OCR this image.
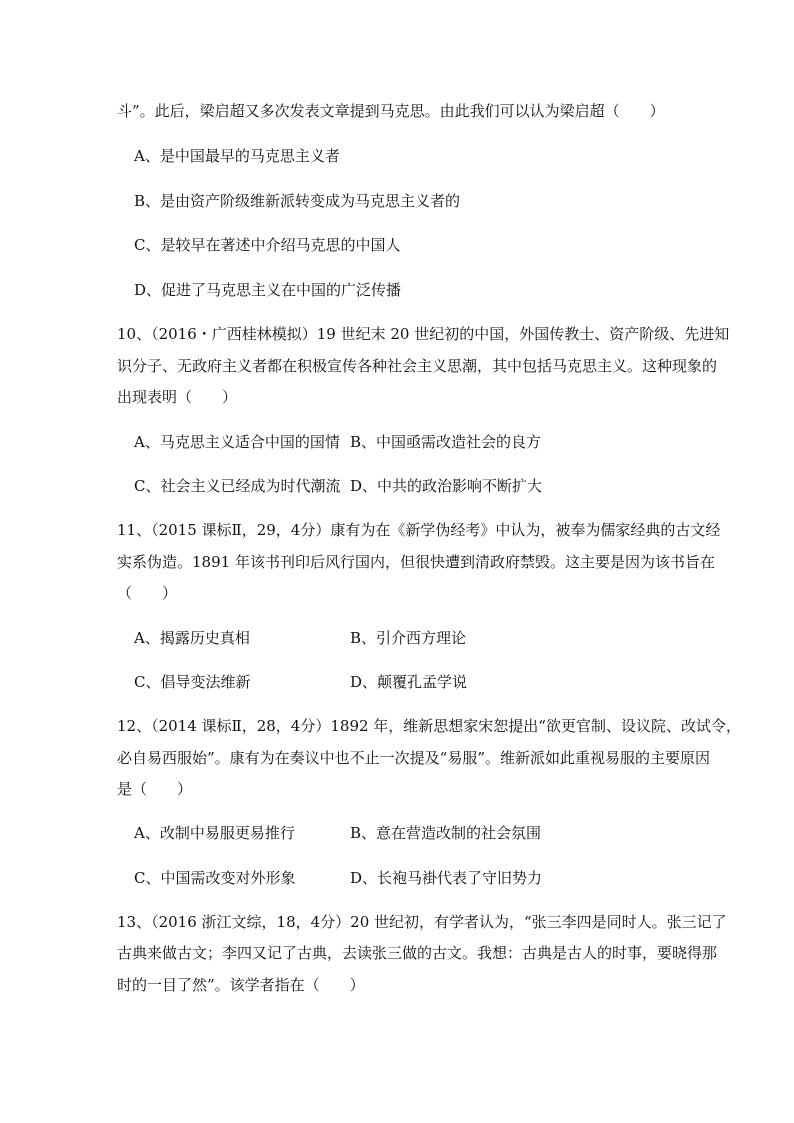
斗”。此后，梁启超又多次发表文章提到马克思。由此我们可以认为梁启超（　　）
A、是中国最早的马克思主义者
B、是由资产阶级维新派转变成为马克思主义者的
C、是较早在著述中介绍马克思的中国人
D、促进了马克思主义在中国的广泛传播
10、（2016・广西桂林模拟）19 世纪末 20 世纪初的中国，外国传教士、资产阶级、先进知
识分子、无政府主义者都在积极宣传各种社会主义思潮，其中包括马克思主义。这种现象的
出现表明（　　）
A、马克思主义适合中国的国情 B、中国亟需改造社会的良方
C、社会主义已经成为时代潮流 D、中共的政治影响不断扩大
11、（2015 课标Ⅱ，29，4分）康有为在《新学伪经考》中认为，被奉为儒家经典的古文经
实系伪造。1891 年该书刊印后风行国内，但很快遭到清政府禁毁。这主要是因为该书旨在
（　　）
A、揭露历史真相	B、引介西方理论
C、倡导变法维新	D、颠覆孔孟学说
12、（2014 课标Ⅱ，28，4分）1892 年，维新思想家宋恕提出“欲更官制、设议院、改试令，
必自易西服始”。康有为在奏议中也不止一次提及“易服”。维新派如此重视易服的主要原因
是（　　）
A、改制中易服更易推行	B、意在营造改制的社会氛围
C、中国需改变对外形象	D、长袍马褂代表了守旧势力
13、（2016 浙江文综，18，4分）20 世纪初，有学者认为，“张三李四是同时人。张三记了
古典来做古文；李四又记了古典，去读张三做的古文。我想：古典是古人的时事，要晓得那
时的一目了然”。该学者指在（　　）
